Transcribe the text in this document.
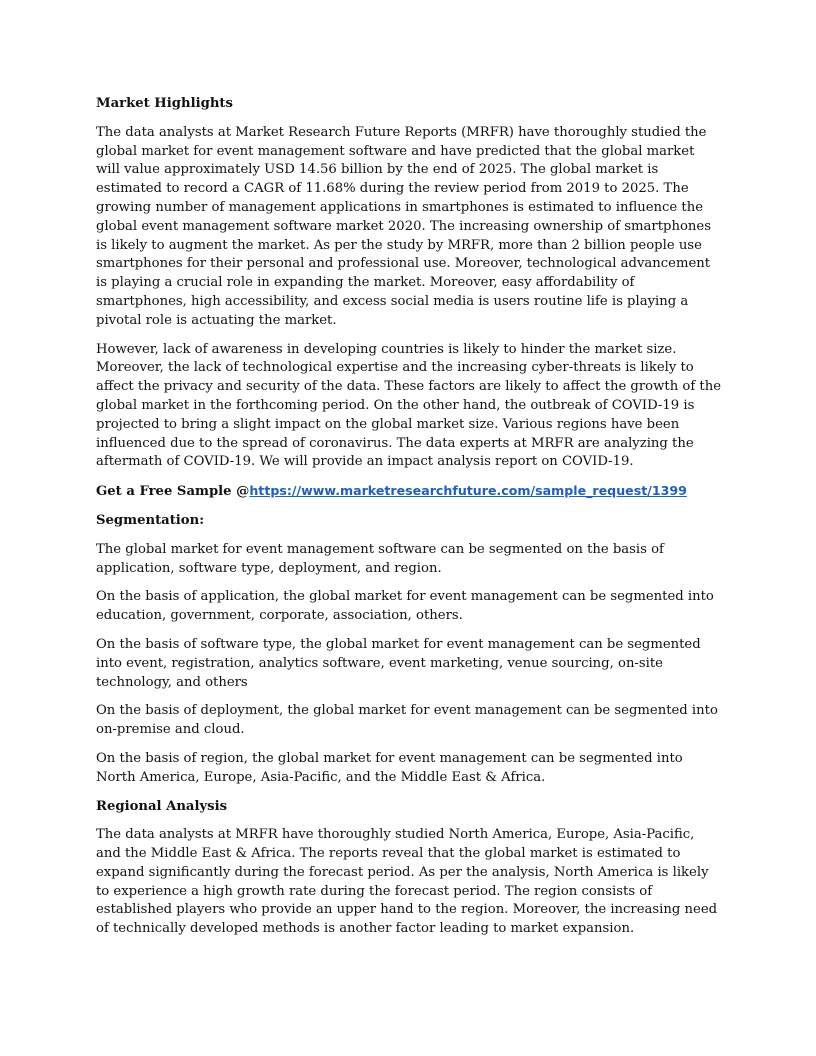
Market Highlights

The data analysts at Market Research Future Reports (MRFR) have thoroughly studied the global market for event management software and have predicted that the global market will value approximately USD 14.56 billion by the end of 2025. The global market is estimated to record a CAGR of 11.68% during the review period from 2019 to 2025. The growing number of management applications in smartphones is estimated to influence the global event management software market 2020. The increasing ownership of smartphones is likely to augment the market. As per the study by MRFR, more than 2 billion people use smartphones for their personal and professional use. Moreover, technological advancement is playing a crucial role in expanding the market. Moreover, easy affordability of smartphones, high accessibility, and excess social media is users routine life is playing a pivotal role is actuating the market.

However, lack of awareness in developing countries is likely to hinder the market size. Moreover, the lack of technological expertise and the increasing cyber-threats is likely to affect the privacy and security of the data. These factors are likely to affect the growth of the global market in the forthcoming period. On the other hand, the outbreak of COVID-19 is projected to bring a slight impact on the global market size. Various regions have been influenced due to the spread of coronavirus. The data experts at MRFR are analyzing the aftermath of COVID-19. We will provide an impact analysis report on COVID-19.

Get a Free Sample @https://www.marketresearchfuture.com/sample_request/1399
Segmentation:

The global market for event management software can be segmented on the basis of application, software type, deployment, and region.

On the basis of application, the global market for event management can be segmented into education, government, corporate, association, others.

On the basis of software type, the global market for event management can be segmented into event, registration, analytics software, event marketing, venue sourcing, on-site technology, and others

On the basis of deployment, the global market for event management can be segmented into on-premise and cloud.

On the basis of region, the global market for event management can be segmented into North America, Europe, Asia-Pacific, and the Middle East & Africa.

Regional Analysis

The data analysts at MRFR have thoroughly studied North America, Europe, Asia-Pacific, and the Middle East & Africa. The reports reveal that the global market is estimated to expand significantly during the forecast period. As per the analysis, North America is likely to experience a high growth rate during the forecast period. The region consists of established players who provide an upper hand to the region. Moreover, the increasing need of technically developed methods is another factor leading to market expansion.
